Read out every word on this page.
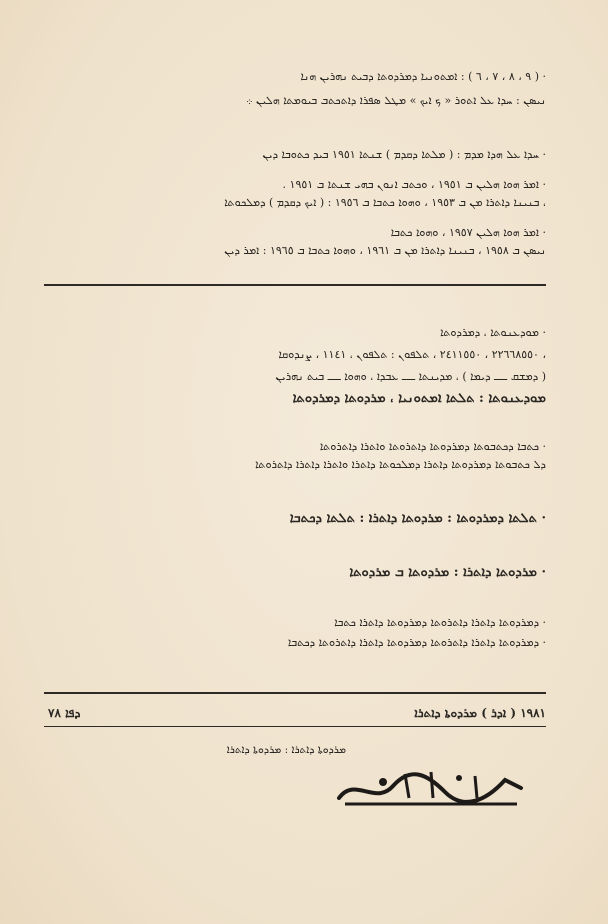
· ( ٩ ، ٨ ، ٧ ، ٦ ) : ܐܡܬܘܢܝܐ ܕܡܪܕܘܬܐ ܕܒܝܬ ܢܗܪܝܢ ܗܢܐ
ܢܝܣܢ : ܚܕܐ ܥܠ ܐܬܘܪ « ܟ ܐܝܟ » ܡܛܠ ܣܦܪܐ ܕܐܬܟܬܒ ܒܝܘܡܬܐ ܗܠܝܢ ܀
· ܚܕܐ ܥܠ ܗܕܐ ܡܕܡ : ( ܡܠܬܐ ܕܩܕܡ ) ܫܢܬܐ ١٩٥١ ܒܝܕ ܟܬܘܒܐ ܕܝܢ
· ܐܡܪ ܗܘܐ ܗܠܝܢ ܒ ١٩٥١ ، ܘܟܬܒ ܐܢܘܢ ܒܗܝ ܫܢܬܐ ܒ ١٩٥١ .
، ܒܢܝܢܐ ܕܐܬܪܐ ܡܢ ܒ ١٩٥٣ ، ܘܗܘܐ ܟܬܒܐ ܒ ١٩٥٦ : ( ܐܝܟ ܕܩܕܡ ) ܕܡܠܟܘܬܐ
· ܐܡܪ ܗܘܐ ܗܠܝܢ ١٩٥٧ ، ܘܗܘܐ ܟܬܒܐ
ܢܝܣܢ ܒ ١٩٥٨ ، ܒܢܝܢܐ ܕܐܬܪܐ ܡܢ ܒ ١٩٦١ ، ܘܗܘܐ ܟܬܒܐ ܒ ١٩٦٥ : ܐܡܪ ܕܝܢ
· ܡܘܕܥܢܘܬܐ ، ܕܡܪܕܘܬܐ
، ٢٢٦٦٨٥٥٠ ، ٢٤١١٥٥٠ ، ܬܠܦܘܢ : ܬܠܦܘܢ ، ١١٤١ ، ܨܢܕܘܩܐ
( ܕܡܫܩ ـــ ܕܝܡܐ ) ، ܡܕܝܢܬܐ ـــ ܥܒܕܐ ، ܘܗܘܐ ـــ ܒܝܬ ܢܗܪܝܢ
ܡܘܕܥܢܘܬܐ : ܬܠܬܐ ܐܡܬܘܢܝܐ ، ܡܪܕܘܬܐ ܕܡܪܕܘܬܐ
· ܟܬܒܐ ܕܟܬܒܘܬܐ ܕܡܪܕܘܬܐ ܕܐܬܪܘܬܐ ܘܐܬܪܐ ܕܐܬܪܘܬܐ
ܕܠ ܟܬܒܘܬܐ ܕܡܪܕܘܬܐ ܕܐܬܪܐ ܕܡܠܟܘܬܐ ܕܐܬܪܐ ܘܐܬܪܐ ܕܐܬܪܐ ܕܐܬܪܘܬܐ
· ܬܠܬܐ ܕܡܪܕܘܬܐ : ܡܪܕܘܬܐ ܕܐܬܪܐ : ܬܠܬܐ ܕܟܬܒܐ
· ܡܪܕܘܬܐ ܕܐܬܪܐ : ܡܪܕܘܬܐ ܒ ܡܪܕܘܬܐ
· ܕܡܪܕܘܬܐ ܕܐܬܪܐ ܕܐܬܪܘܬܐ ܕܡܪܕܘܬܐ ܕܐܬܪܐ ܟܬܒܐ
· ܕܡܪܕܘܬܐ ܕܐܬܪܐ ܕܐܬܪܘܬܐ ܕܡܪܕܘܬܐ ܕܐܬܪܐ ܕܐܬܪܘܬܐ ܕܟܬܒܐ
ܕܦܐ ٧٨	١٩٨١ ( ܐܕܪ ) ܡܪܕܘܬܐ ܕܐܬܪܐ
ܡܪܕܘܬܐ ܕܐܬܪܐ : ܡܪܕܘܬܐ ܕܐܬܪܐ
